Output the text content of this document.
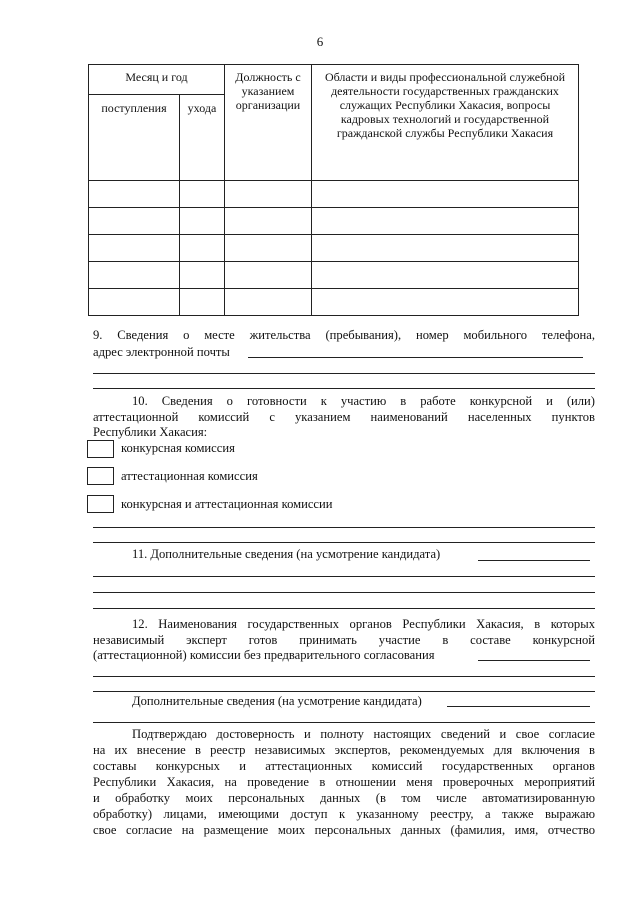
6
Месяц и год		Должность с указанием организации	Области и виды профессиональной служебной деятельности государственных гражданских служащих Республики Хакасия, вопросы кадровых технологий и государственной гражданской службы Республики Хакасия
поступления	ухода		

9. Сведения о месте жительства (пребывания), номер мобильного телефона,
адрес электронной почты
10. Сведения о готовности к участию в работе конкурсной и (или)
аттестационной комиссий с указанием наименований населенных пунктов
Республики Хакасия:
конкурсная комиссия
аттестационная комиссия
конкурсная и аттестационная комиссии
11. Дополнительные сведения (на усмотрение кандидата)
12. Наименования государственных органов Республики Хакасия, в которых
независимый эксперт готов принимать участие в составе конкурсной
(аттестационной) комиссии без предварительного согласования
Дополнительные сведения (на усмотрение кандидата)
Подтверждаю достоверность и полноту настоящих сведений и свое согласие
на их внесение в реестр независимых экспертов, рекомендуемых для включения в
составы конкурсных и аттестационных комиссий государственных органов
Республики Хакасия, на проведение в отношении меня проверочных мероприятий
и обработку моих персональных данных (в том числе автоматизированную
обработку) лицами, имеющими доступ к указанному реестру, а также выражаю
свое согласие на размещение моих персональных данных (фамилия, имя, отчество
